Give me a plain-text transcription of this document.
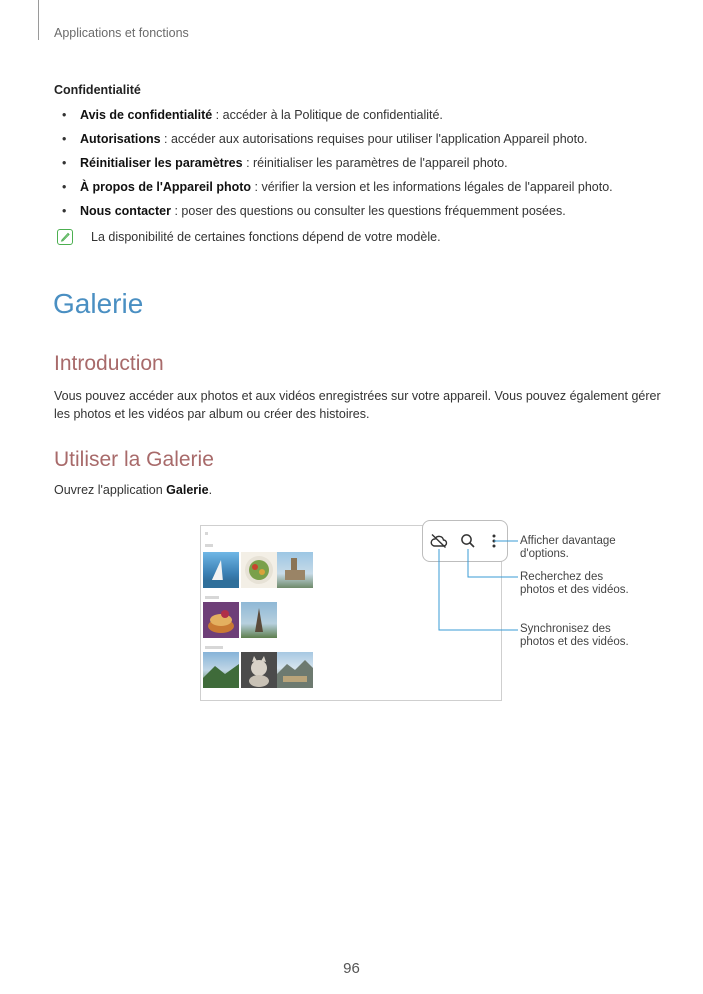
Applications et fonctions
Confidentialité
• Avis de confidentialité : accéder à la Politique de confidentialité.
• Autorisations : accéder aux autorisations requises pour utiliser l'application Appareil photo.
• Réinitialiser les paramètres : réinitialiser les paramètres de l'appareil photo.
• À propos de l'Appareil photo : vérifier la version et les informations légales de l'appareil photo.
• Nous contacter : poser des questions ou consulter les questions fréquemment posées.
La disponibilité de certaines fonctions dépend de votre modèle.
Galerie
Introduction
Vous pouvez accéder aux photos et aux vidéos enregistrées sur votre appareil. Vous pouvez également gérer les photos et les vidéos par album ou créer des histoires.
Utiliser la Galerie
Ouvrez l'application Galerie.
Afficher davantage
d'options.
Recherchez des
photos et des vidéos.
Synchronisez des
photos et des vidéos.
96
